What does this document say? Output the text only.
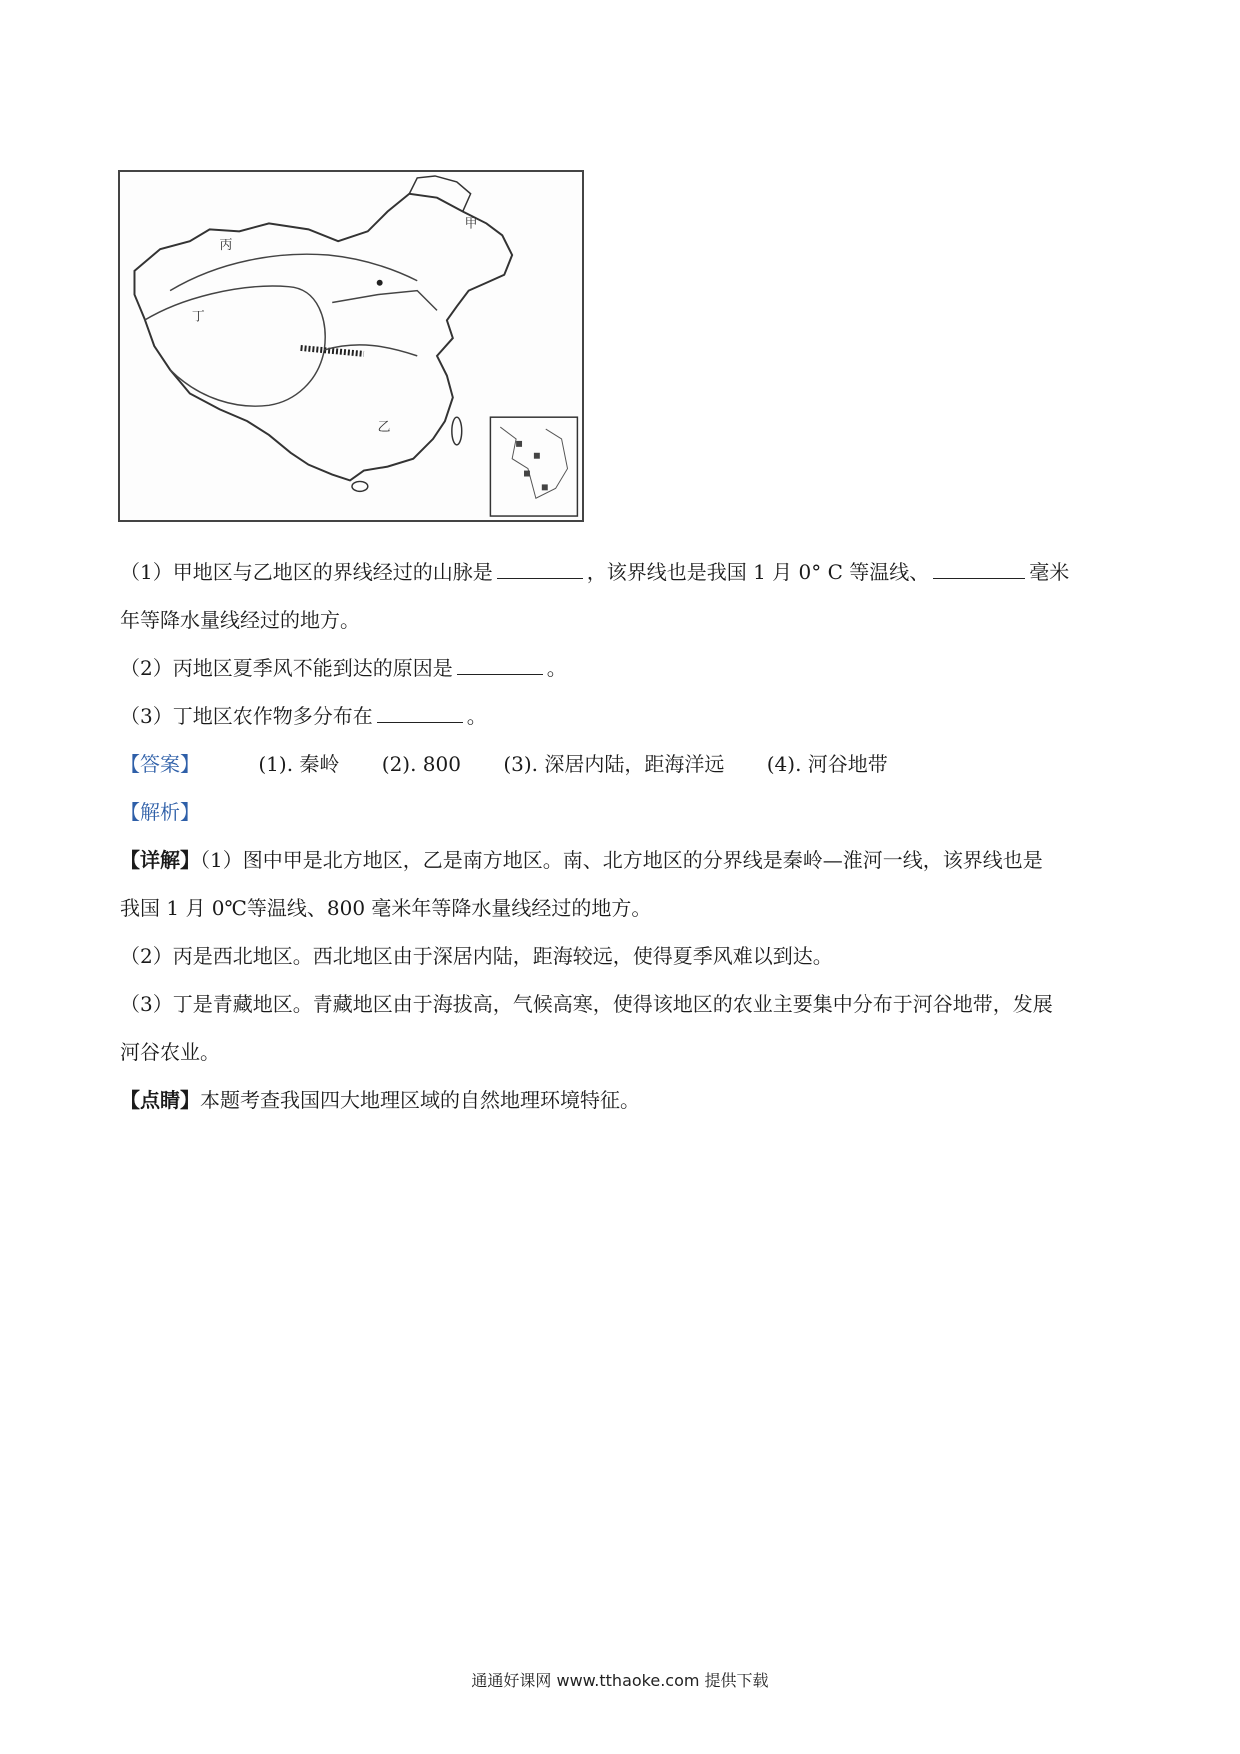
甲
丙
丁
乙
（1）甲地区与乙地区的界线经过的山脉是	，该界线也是我国 1 月 0° C 等温线、	毫米
年等降水量线经过的地方。
（2）丙地区夏季风不能到达的原因是	。
（3）丁地区农作物多分布在	。
【答案】	(1). 秦岭 (2). 800 (3). 深居内陆，距海洋远 (4). 河谷地带
【解析】
【详解】（1）图中甲是北方地区，乙是南方地区。南、北方地区的分界线是秦岭—淮河一线，该界线也是
我国 1 月 0℃等温线、800 毫米年等降水量线经过的地方。
（2）丙是西北地区。西北地区由于深居内陆，距海较远，使得夏季风难以到达。
（3）丁是青藏地区。青藏地区由于海拔高，气候高寒，使得该地区的农业主要集中分布于河谷地带，发展
河谷农业。
【点睛】本题考查我国四大地理区域的自然地理环境特征。
通通好课网 www.tthaoke.com 提供下载
